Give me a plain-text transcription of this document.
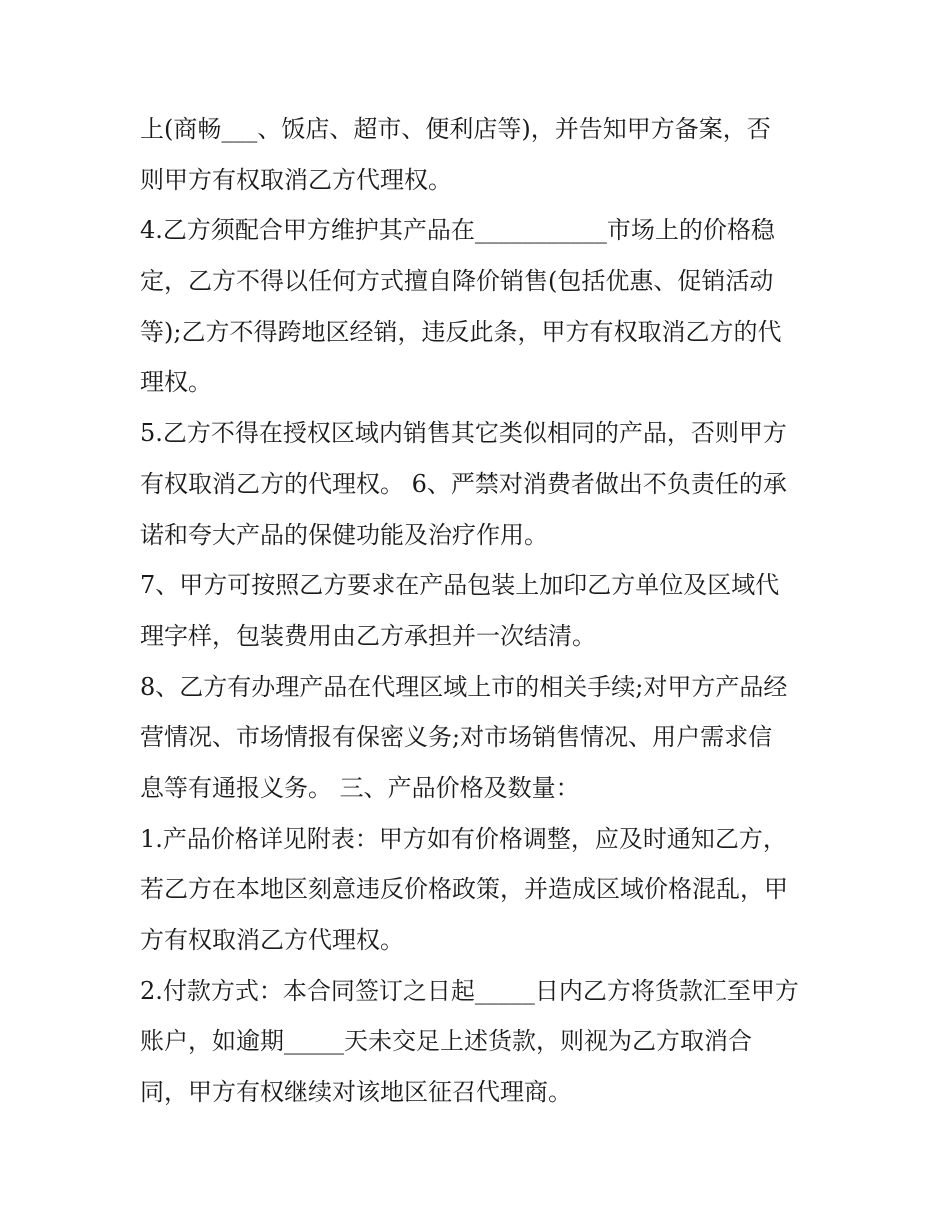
上(商畅___、饭店、超市、便利店等)，并告知甲方备案，否
则甲方有权取消乙方代理权。
4.乙方须配合甲方维护其产品在___________市场上的价格稳
定，乙方不得以任何方式擅自降价销售(包括优惠、促销活动
等);乙方不得跨地区经销，违反此条，甲方有权取消乙方的代
理权。
5.乙方不得在授权区域内销售其它类似相同的产品，否则甲方
有权取消乙方的代理权。 6、严禁对消费者做出不负责任的承
诺和夸大产品的保健功能及治疗作用。
7、甲方可按照乙方要求在产品包装上加印乙方单位及区域代
理字样，包装费用由乙方承担并一次结清。
8、乙方有办理产品在代理区域上市的相关手续;对甲方产品经
营情况、市场情报有保密义务;对市场销售情况、用户需求信
息等有通报义务。 三、产品价格及数量：
1.产品价格详见附表：甲方如有价格调整，应及时通知乙方，
若乙方在本地区刻意违反价格政策，并造成区域价格混乱，甲
方有权取消乙方代理权。
2.付款方式：本合同签订之日起_____日内乙方将货款汇至甲方
账户，如逾期_____天未交足上述货款，则视为乙方取消合
同，甲方有权继续对该地区征召代理商。
